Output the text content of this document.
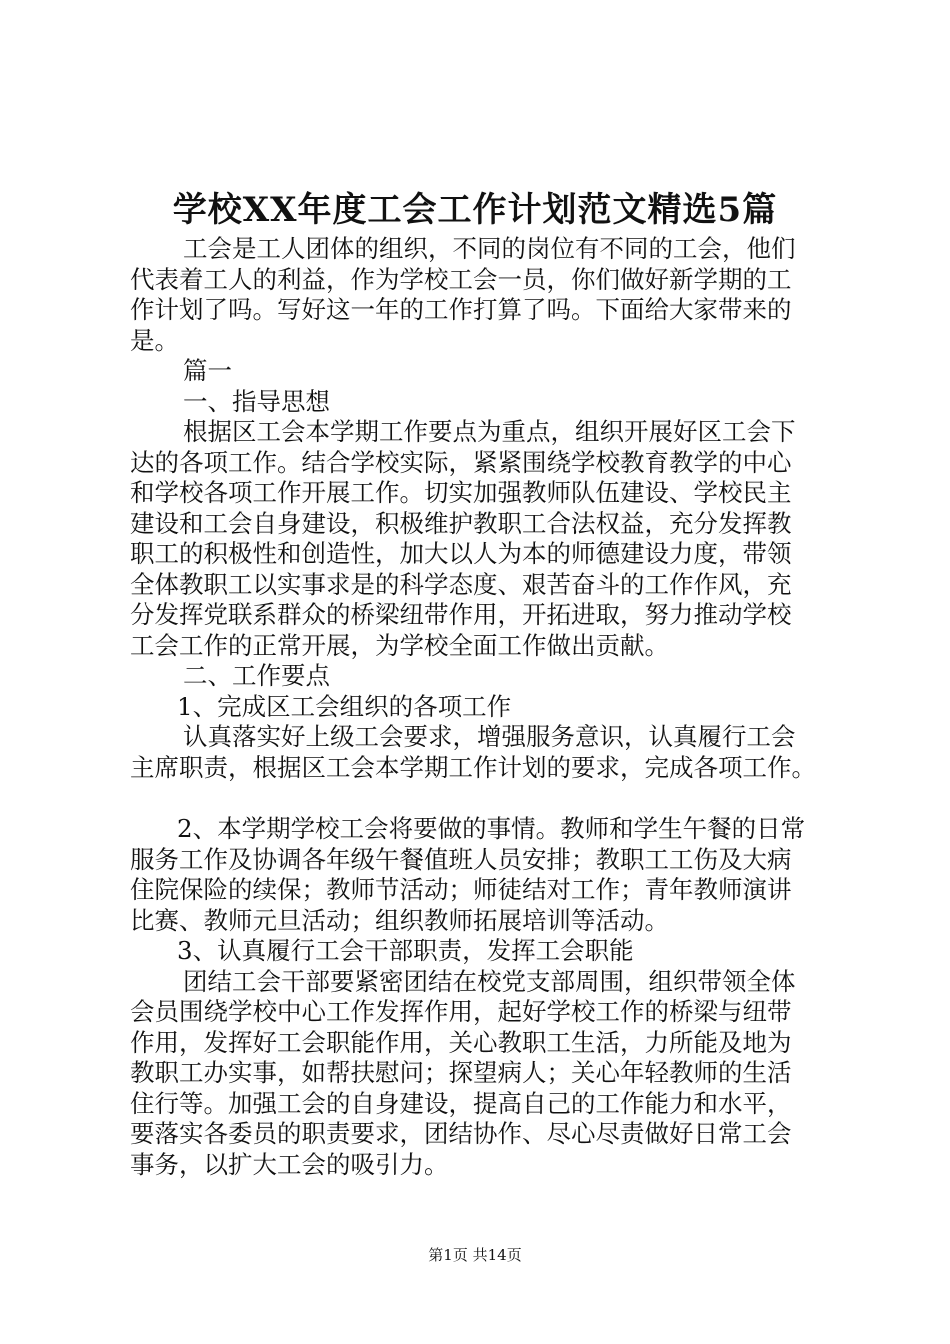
学校XX年度工会工作计划范文精选5篇
工会是工人团体的组织，不同的岗位有不同的工会，他们
代表着工人的利益，作为学校工会一员，你们做好新学期的工
作计划了吗。写好这一年的工作打算了吗。下面给大家带来的
是。
篇一
一、指导思想
根据区工会本学期工作要点为重点，组织开展好区工会下
达的各项工作。结合学校实际，紧紧围绕学校教育教学的中心
和学校各项工作开展工作。切实加强教师队伍建设、学校民主
建设和工会自身建设，积极维护教职工合法权益，充分发挥教
职工的积极性和创造性，加大以人为本的师德建设力度，带领
全体教职工以实事求是的科学态度、艰苦奋斗的工作作风，充
分发挥党联系群众的桥梁纽带作用，开拓进取，努力推动学校
工会工作的正常开展，为学校全面工作做出贡献。
二、工作要点
1、完成区工会组织的各项工作
认真落实好上级工会要求，增强服务意识，认真履行工会
主席职责，根据区工会本学期工作计划的要求，完成各项工作。
2、本学期学校工会将要做的事情。教师和学生午餐的日常
服务工作及协调各年级午餐值班人员安排；教职工工伤及大病
住院保险的续保；教师节活动；师徒结对工作；青年教师演讲
比赛、教师元旦活动；组织教师拓展培训等活动。
3、认真履行工会干部职责，发挥工会职能
团结工会干部要紧密团结在校党支部周围，组织带领全体
会员围绕学校中心工作发挥作用，起好学校工作的桥梁与纽带
作用，发挥好工会职能作用，关心教职工生活，力所能及地为
教职工办实事，如帮扶慰问；探望病人；关心年轻教师的生活
住行等。加强工会的自身建设，提高自己的工作能力和水平，
要落实各委员的职责要求，团结协作、尽心尽责做好日常工会
事务，以扩大工会的吸引力。
第1页 共14页
